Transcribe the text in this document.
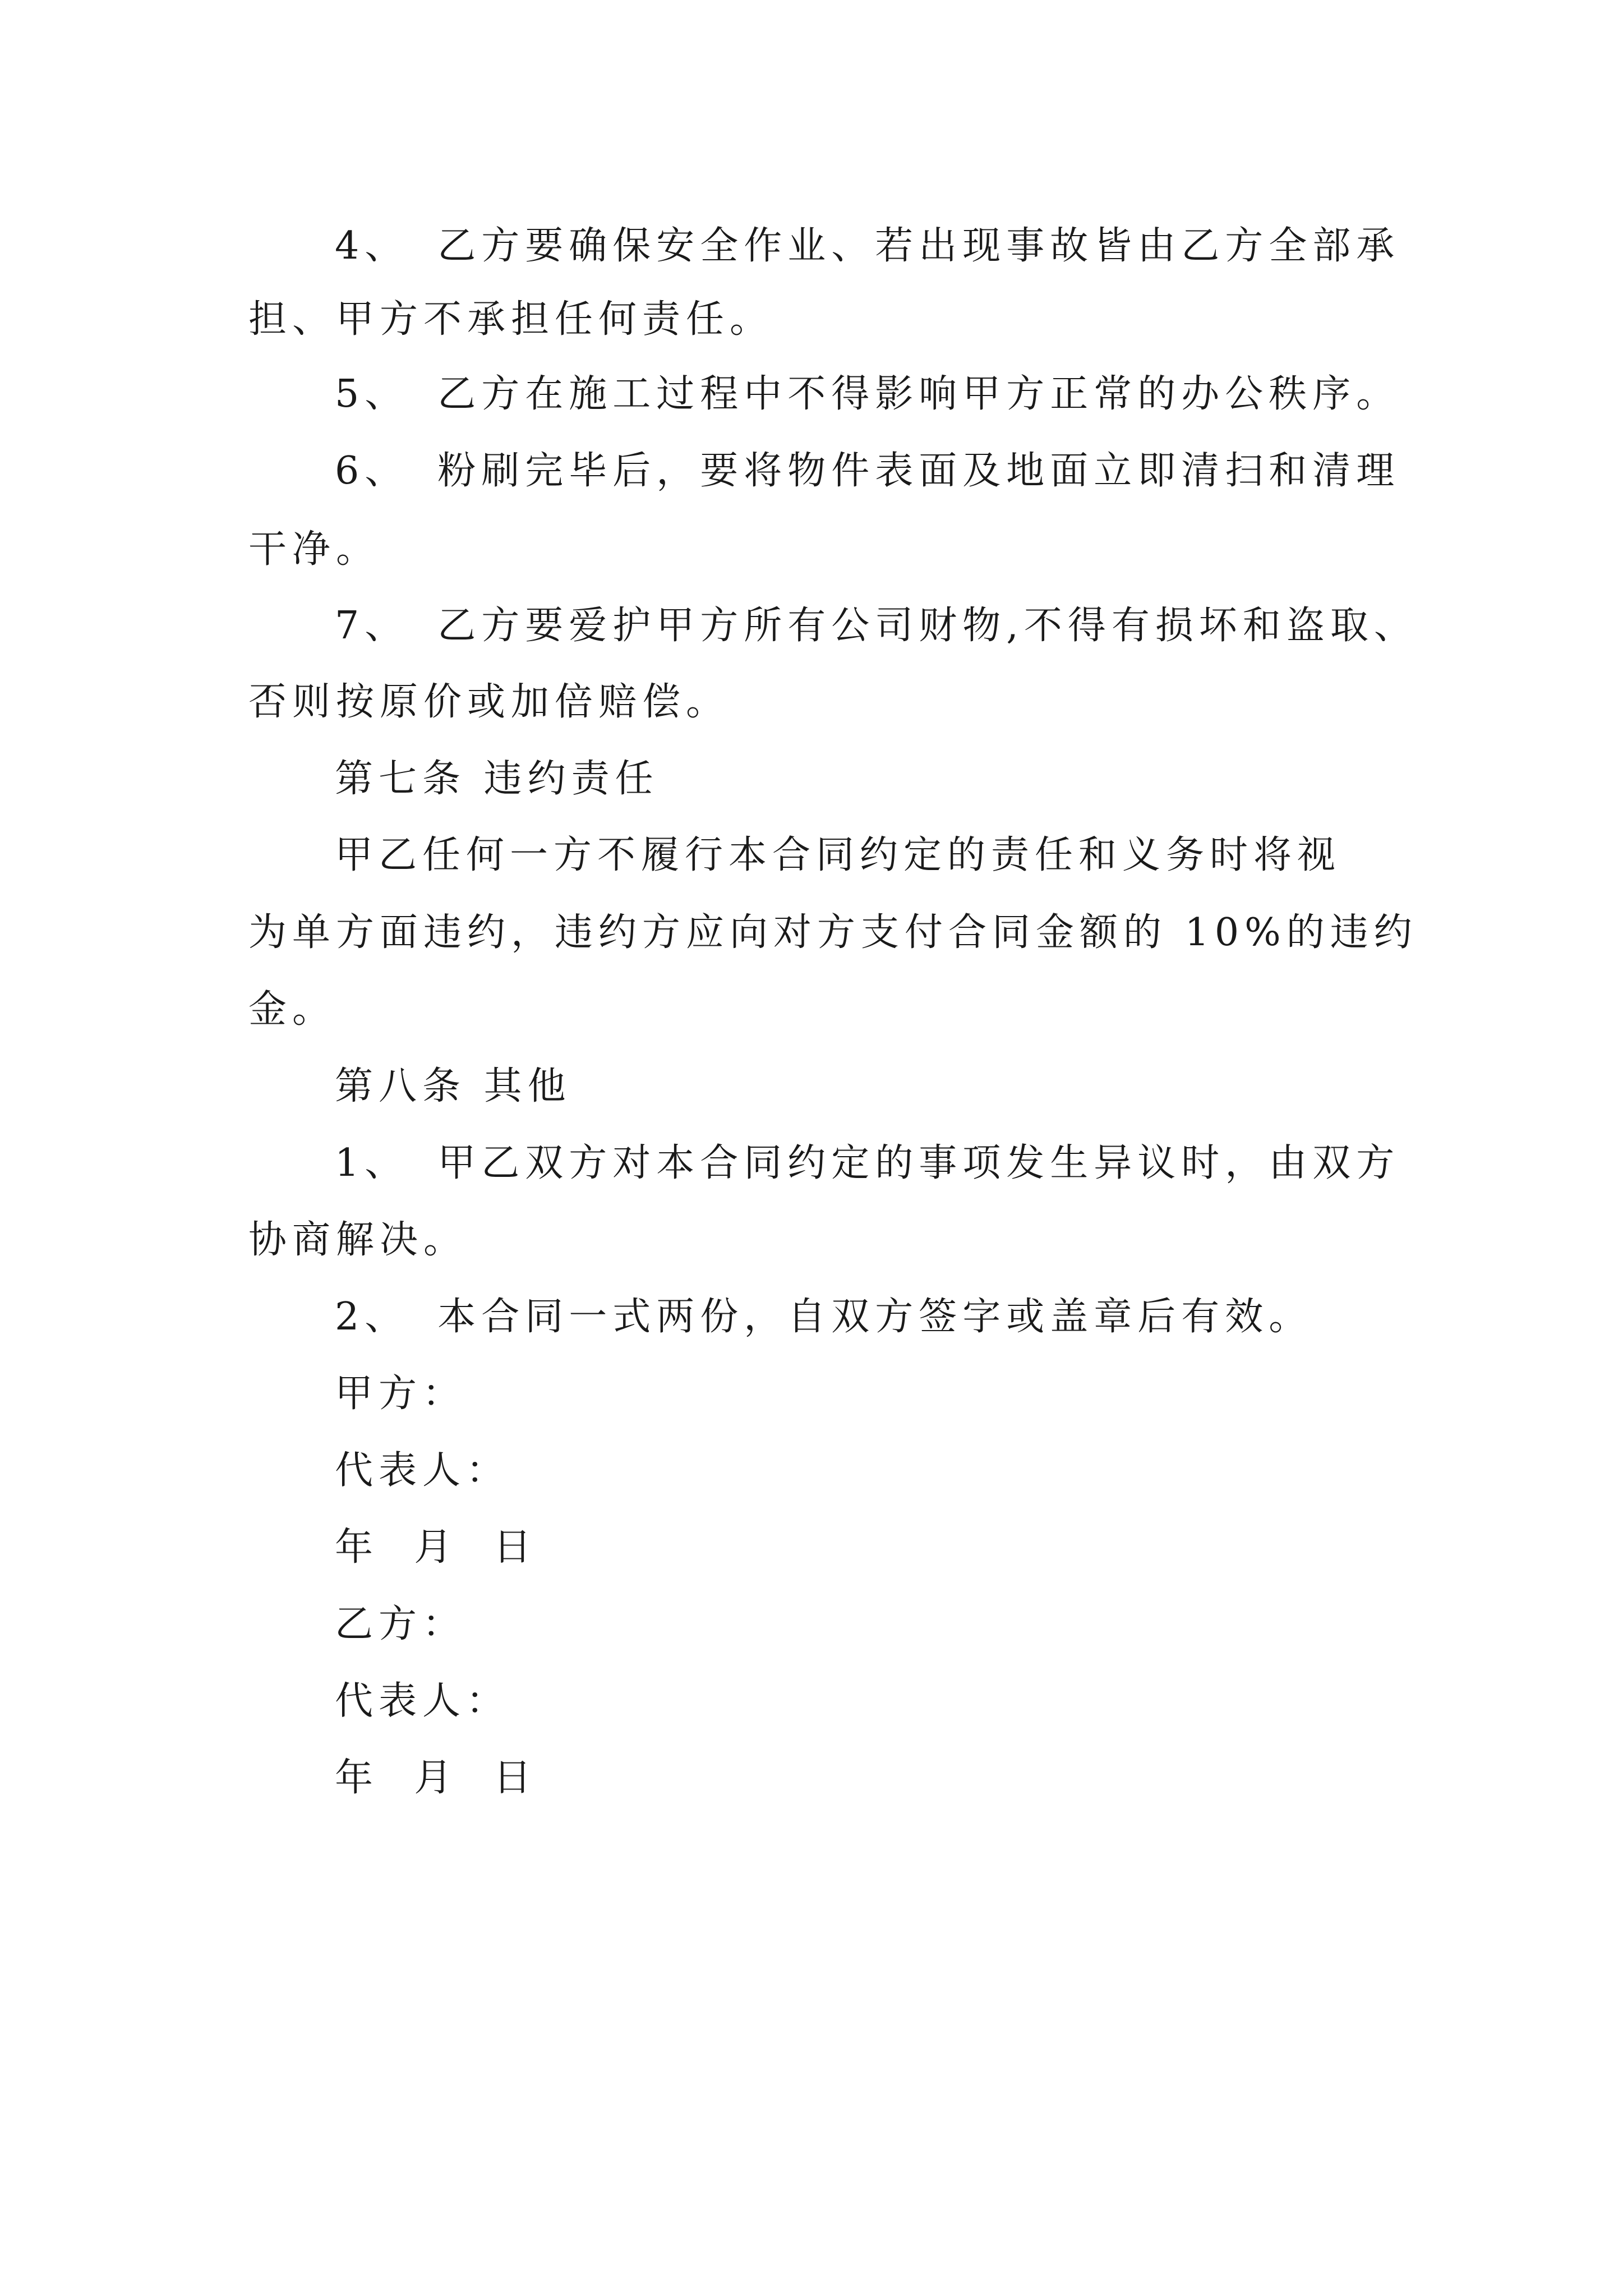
4、 乙方要确保安全作业、若出现事故皆由乙方全部承
担、甲方不承担任何责任。
5、 乙方在施工过程中不得影响甲方正常的办公秩序。
6、 粉刷完毕后，要将物件表面及地面立即清扫和清理
干净。
7、 乙方要爱护甲方所有公司财物,不得有损坏和盗取、
否则按原价或加倍赔偿。
第七条 违约责任
甲乙任何一方不履行本合同约定的责任和义务时将视
为单方面违约，违约方应向对方支付合同金额的 10%的违约
金。
第八条 其他
1、 甲乙双方对本合同约定的事项发生异议时，由双方
协商解决。
2、 本合同一式两份，自双方签字或盖章后有效。
甲方：
代表人：
年  月  日
乙方：
代表人：
年  月  日
